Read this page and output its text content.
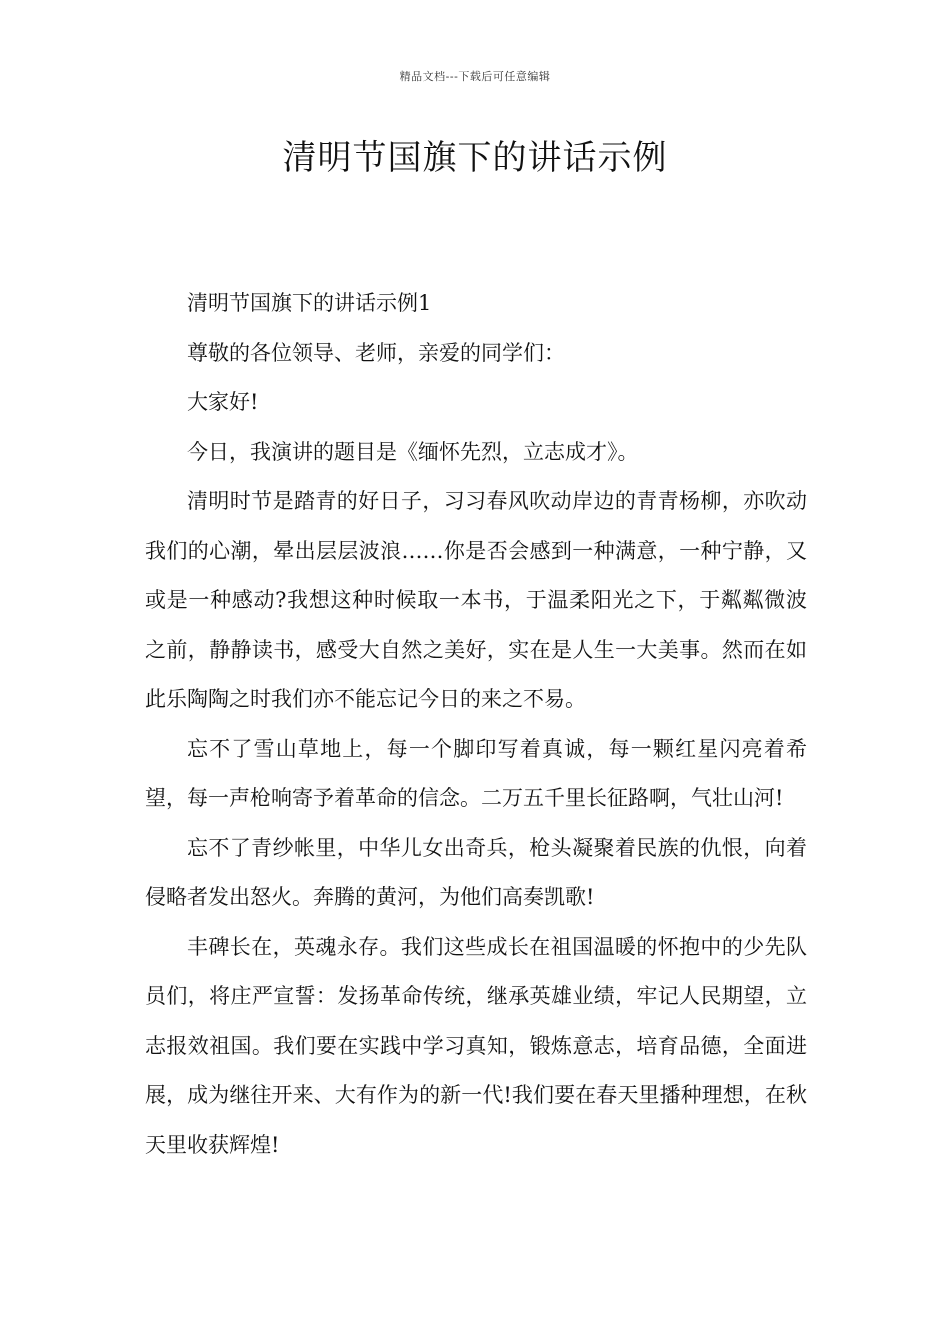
精品文档---下载后可任意编辑
清明节国旗下的讲话示例

清明节国旗下的讲话示例1

尊敬的各位领导、老师，亲爱的同学们：

大家好!

今日，我演讲的题目是《缅怀先烈，立志成才》。

清明时节是踏青的好日子，习习春风吹动岸边的青青杨柳，亦吹动我们的心潮，晕出层层波浪……你是否会感到一种满意，一种宁静，又或是一种感动?我想这种时候取一本书，于温柔阳光之下，于粼粼微波之前，静静读书，感受大自然之美好，实在是人生一大美事。然而在如此乐陶陶之时我们亦不能忘记今日的来之不易。

忘不了雪山草地上，每一个脚印写着真诚，每一颗红星闪亮着希望，每一声枪响寄予着革命的信念。二万五千里长征路啊，气壮山河!

忘不了青纱帐里，中华儿女出奇兵，枪头凝聚着民族的仇恨，向着侵略者发出怒火。奔腾的黄河，为他们高奏凯歌!

丰碑长在，英魂永存。我们这些成长在祖国温暖的怀抱中的少先队员们，将庄严宣誓：发扬革命传统，继承英雄业绩，牢记人民期望，立志报效祖国。我们要在实践中学习真知，锻炼意志，培育品德，全面进展，成为继往开来、大有作为的新一代!我们要在春天里播种理想，在秋天里收获辉煌!
